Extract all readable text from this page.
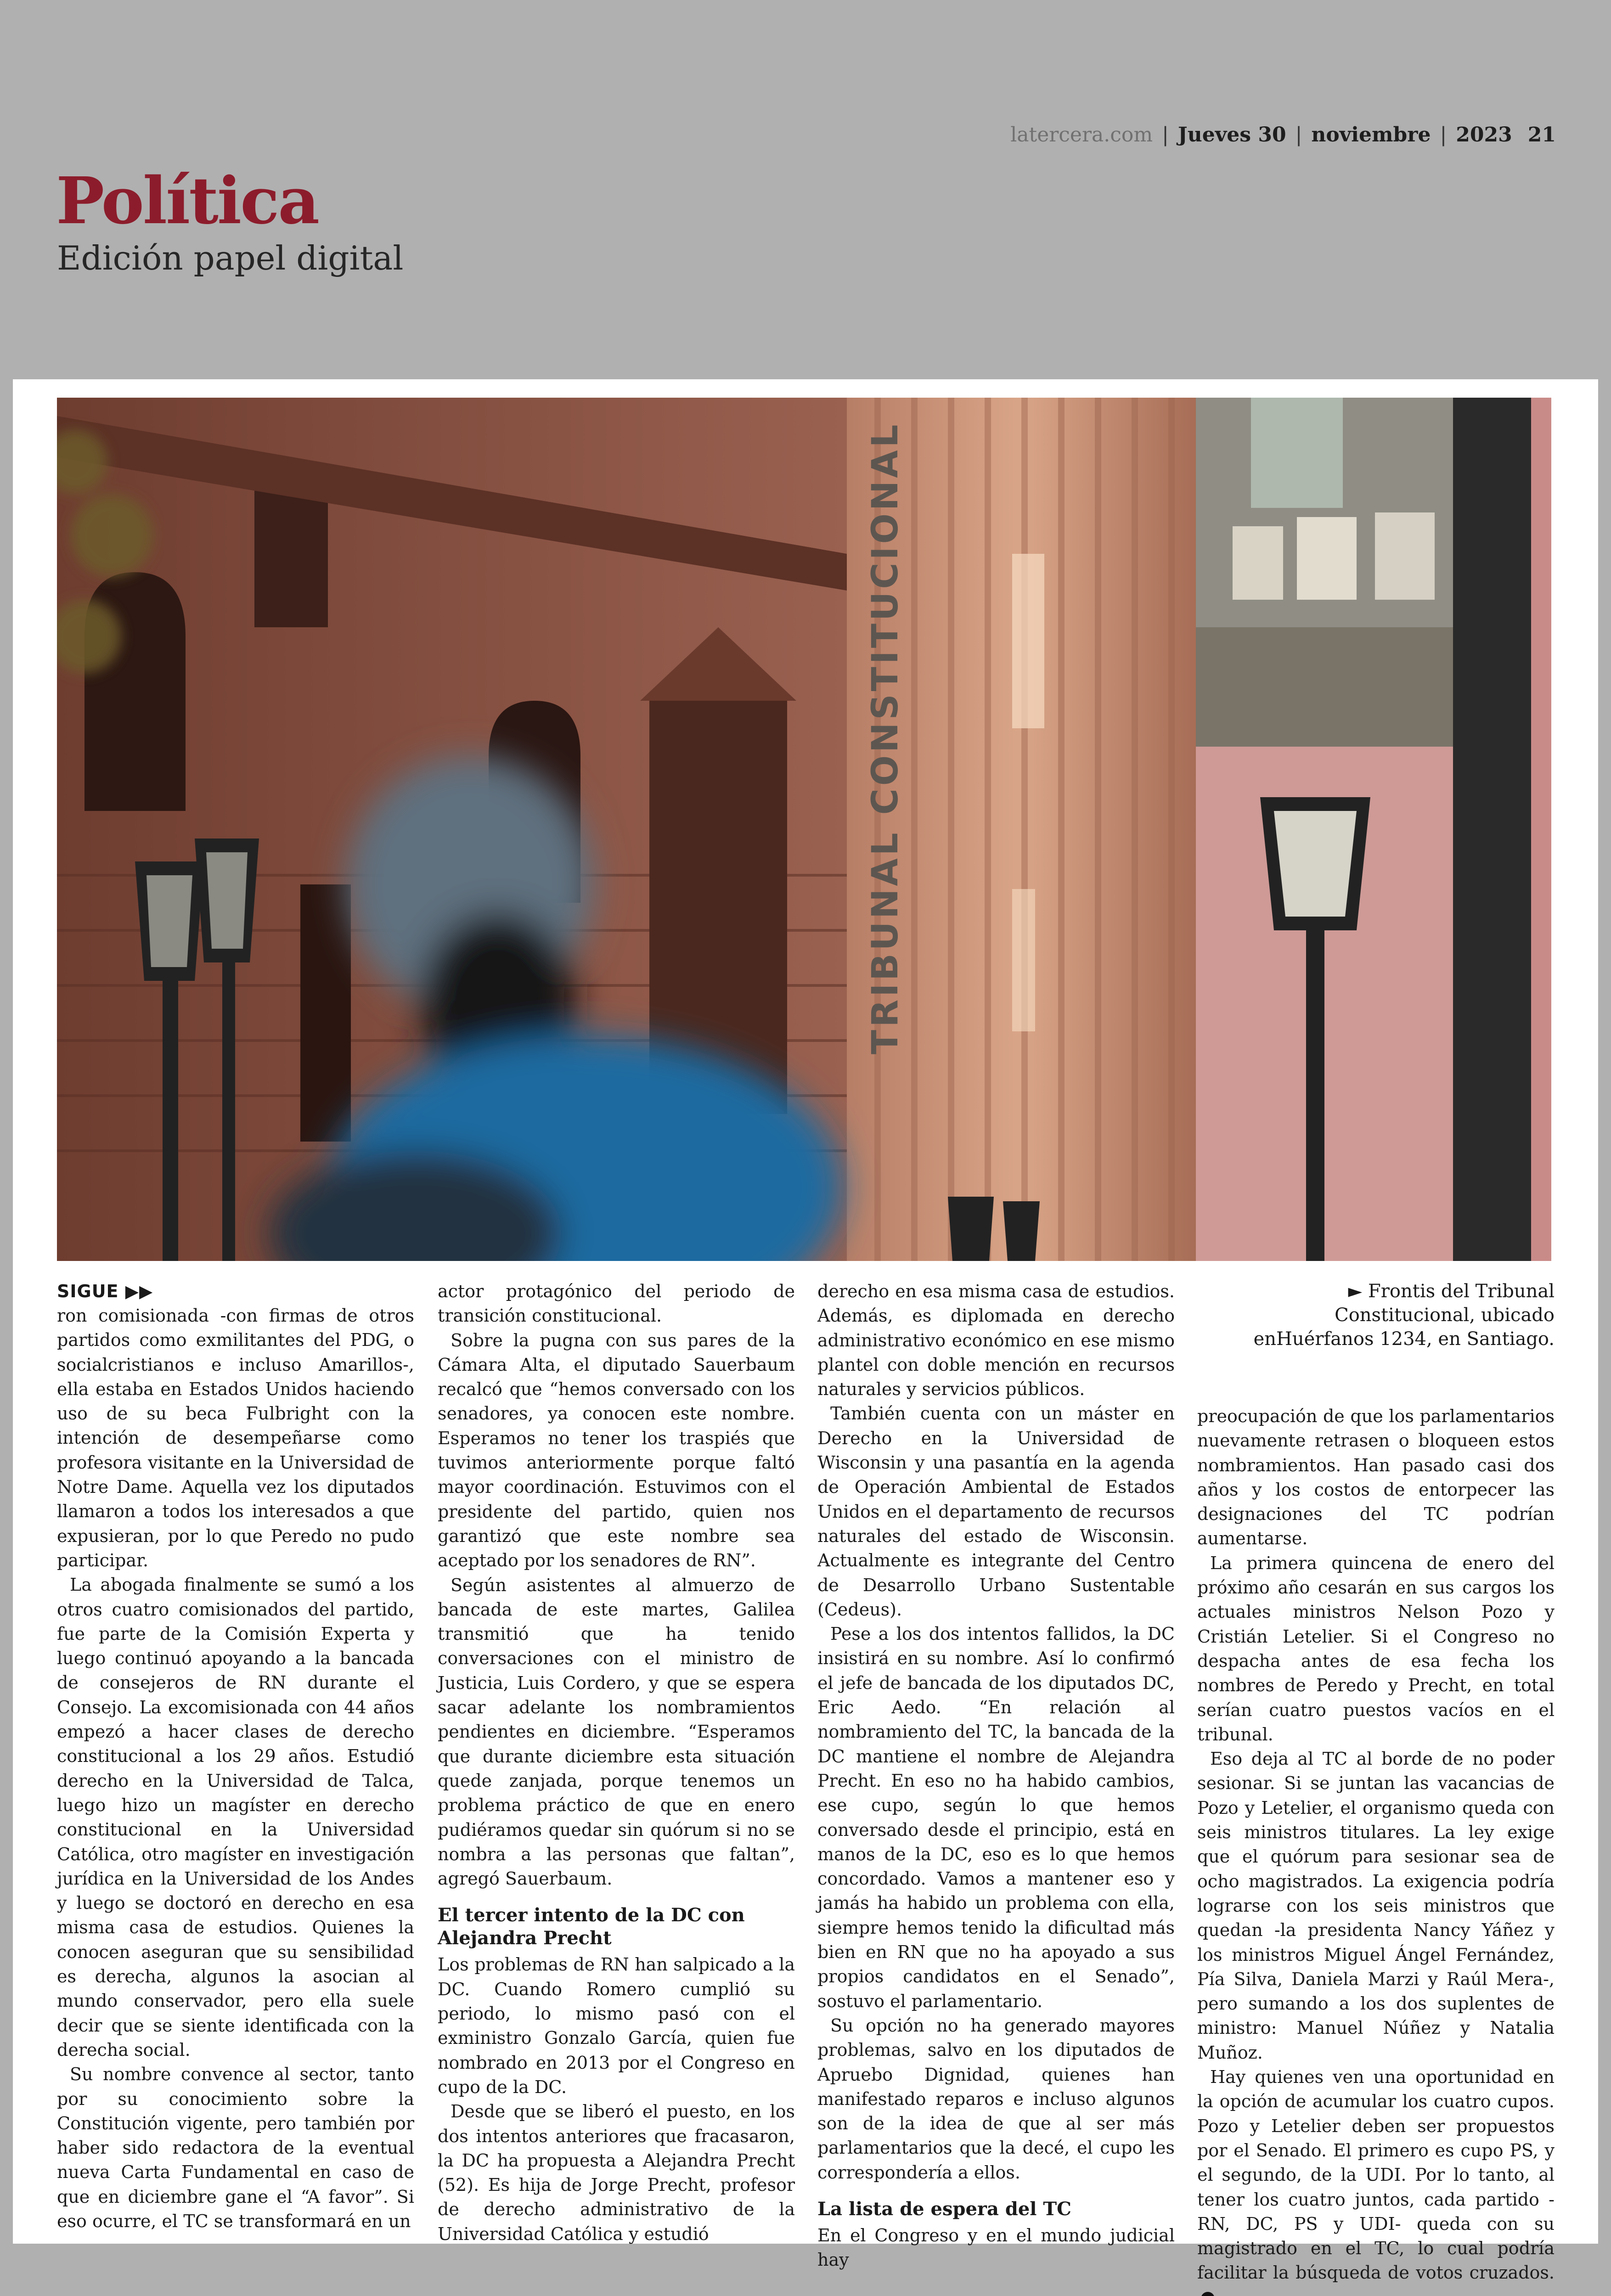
latercera.com | Jueves 30 | noviembre | 2023 21
Política
Edición papel digital
TRIBUNAL CONSTITUCIONAL

SIGUE ▶▶

ron comisionada -con firmas de otros partidos como exmilitantes del PDG, o socialcristianos e incluso Amarillos-, ella estaba en Estados Unidos haciendo uso de su beca Fulbright con la intención de desempeñarse como profesora visitante en la Universidad de Notre Dame. Aquella vez los diputados llamaron a todos los interesados a que expusieran, por lo que Peredo no pudo participar.

La abogada finalmente se sumó a los otros cuatro comisionados del partido, fue parte de la Comisión Experta y luego continuó apoyando a la bancada de consejeros de RN durante el Consejo. La excomisionada con 44 años empezó a hacer clases de derecho constitucional a los 29 años. Estudió derecho en la Universidad de Talca, luego hizo un magíster en derecho constitucional en la Universidad Católica, otro magíster en investigación jurídica en la Universidad de los Andes y luego se doctoró en derecho en esa misma casa de estudios. Quienes la conocen aseguran que su sensibilidad es derecha, algunos la asocian al mundo conservador, pero ella suele decir que se siente identificada con la derecha social.

Su nombre convence al sector, tanto por su conocimiento sobre la Constitución vigente, pero también por haber sido redactora de la eventual nueva Carta Fundamental en caso de que en diciembre gane el “A favor”. Si eso ocurre, el TC se transformará en un

actor protagónico del periodo de transición constitucional.

Sobre la pugna con sus pares de la Cámara Alta, el diputado Sauerbaum recalcó que “hemos conversado con los senadores, ya conocen este nombre. Esperamos no tener los traspiés que tuvimos anteriormente porque faltó mayor coordinación. Estuvimos con el presidente del partido, quien nos garantizó que este nombre sea aceptado por los senadores de RN”.

Según asistentes al almuerzo de bancada de este martes, Galilea transmitió que ha tenido conversaciones con el ministro de Justicia, Luis Cordero, y que se espera sacar adelante los nombramientos pendientes en diciembre. “Esperamos que durante diciembre esta situación quede zanjada, porque tenemos un problema práctico de que en enero pudiéramos quedar sin quórum si no se nombra a las personas que faltan”, agregó Sauerbaum.

El tercer intento de la DC con Alejandra Precht

Los problemas de RN han salpicado a la DC. Cuando Romero cumplió su periodo, lo mismo pasó con el exministro Gonzalo García, quien fue nombrado en 2013 por el Congreso en cupo de la DC.

Desde que se liberó el puesto, en los dos intentos anteriores que fracasaron, la DC ha propuesta a Alejandra Precht (52). Es hija de Jorge Precht, profesor de derecho administrativo de la Universidad Católica y estudió

derecho en esa misma casa de estudios. Además, es diplomada en derecho administrativo económico en ese mismo plantel con doble mención en recursos naturales y servicios públicos.

También cuenta con un máster en Derecho en la Universidad de Wisconsin y una pasantía en la agenda de Operación Ambiental de Estados Unidos en el departamento de recursos naturales del estado de Wisconsin. Actualmente es integrante del Centro de Desarrollo Urbano Sustentable (Cedeus).

Pese a los dos intentos fallidos, la DC insistirá en su nombre. Así lo confirmó el jefe de bancada de los diputados DC, Eric Aedo. “En relación al nombramiento del TC, la bancada de la DC mantiene el nombre de Alejandra Precht. En eso no ha habido cambios, ese cupo, según lo que hemos conversado desde el principio, está en manos de la DC, eso es lo que hemos concordado. Vamos a mantener eso y jamás ha habido un problema con ella, siempre hemos tenido la dificultad más bien en RN que no ha apoyado a sus propios candidatos en el Senado”, sostuvo el parlamentario.

Su opción no ha generado mayores problemas, salvo en los diputados de Apruebo Dignidad, quienes han manifestado reparos e incluso algunos son de la idea de que al ser más parlamentarios que la decé, el cupo les correspondería a ellos.

La lista de espera del TC

En el Congreso y en el mundo judicial hay

► Frontis del Tribunal
Constitucional, ubicado
enHuérfanos 1234, en Santiago.

preocupación de que los parlamentarios nuevamente retrasen o bloqueen estos nombramientos. Han pasado casi dos años y los costos de entorpecer las designaciones del TC podrían aumentarse.

La primera quincena de enero del próximo año cesarán en sus cargos los actuales ministros Nelson Pozo y Cristián Letelier. Si el Congreso no despacha antes de esa fecha los nombres de Peredo y Precht, en total serían cuatro puestos vacíos en el tribunal.

Eso deja al TC al borde de no poder sesionar. Si se juntan las vacancias de Pozo y Letelier, el organismo queda con seis ministros titulares. La ley exige que el quórum para sesionar sea de ocho magistrados. La exigencia podría lograrse con los seis ministros que quedan -la presidenta Nancy Yáñez y los ministros Miguel Ángel Fernández, Pía Silva, Daniela Marzi y Raúl Mera-, pero sumando a los dos suplentes de ministro: Manuel Núñez y Natalia Muñoz.

Hay quienes ven una oportunidad en la opción de acumular los cuatro cupos. Pozo y Letelier deben ser propuestos por el Senado. El primero es cupo PS, y el segundo, de la UDI. Por lo tanto, al tener los cuatro juntos, cada partido -RN, DC, PS y UDI- queda con su magistrado en el TC, lo cual podría facilitar la búsqueda de votos cruzados.
